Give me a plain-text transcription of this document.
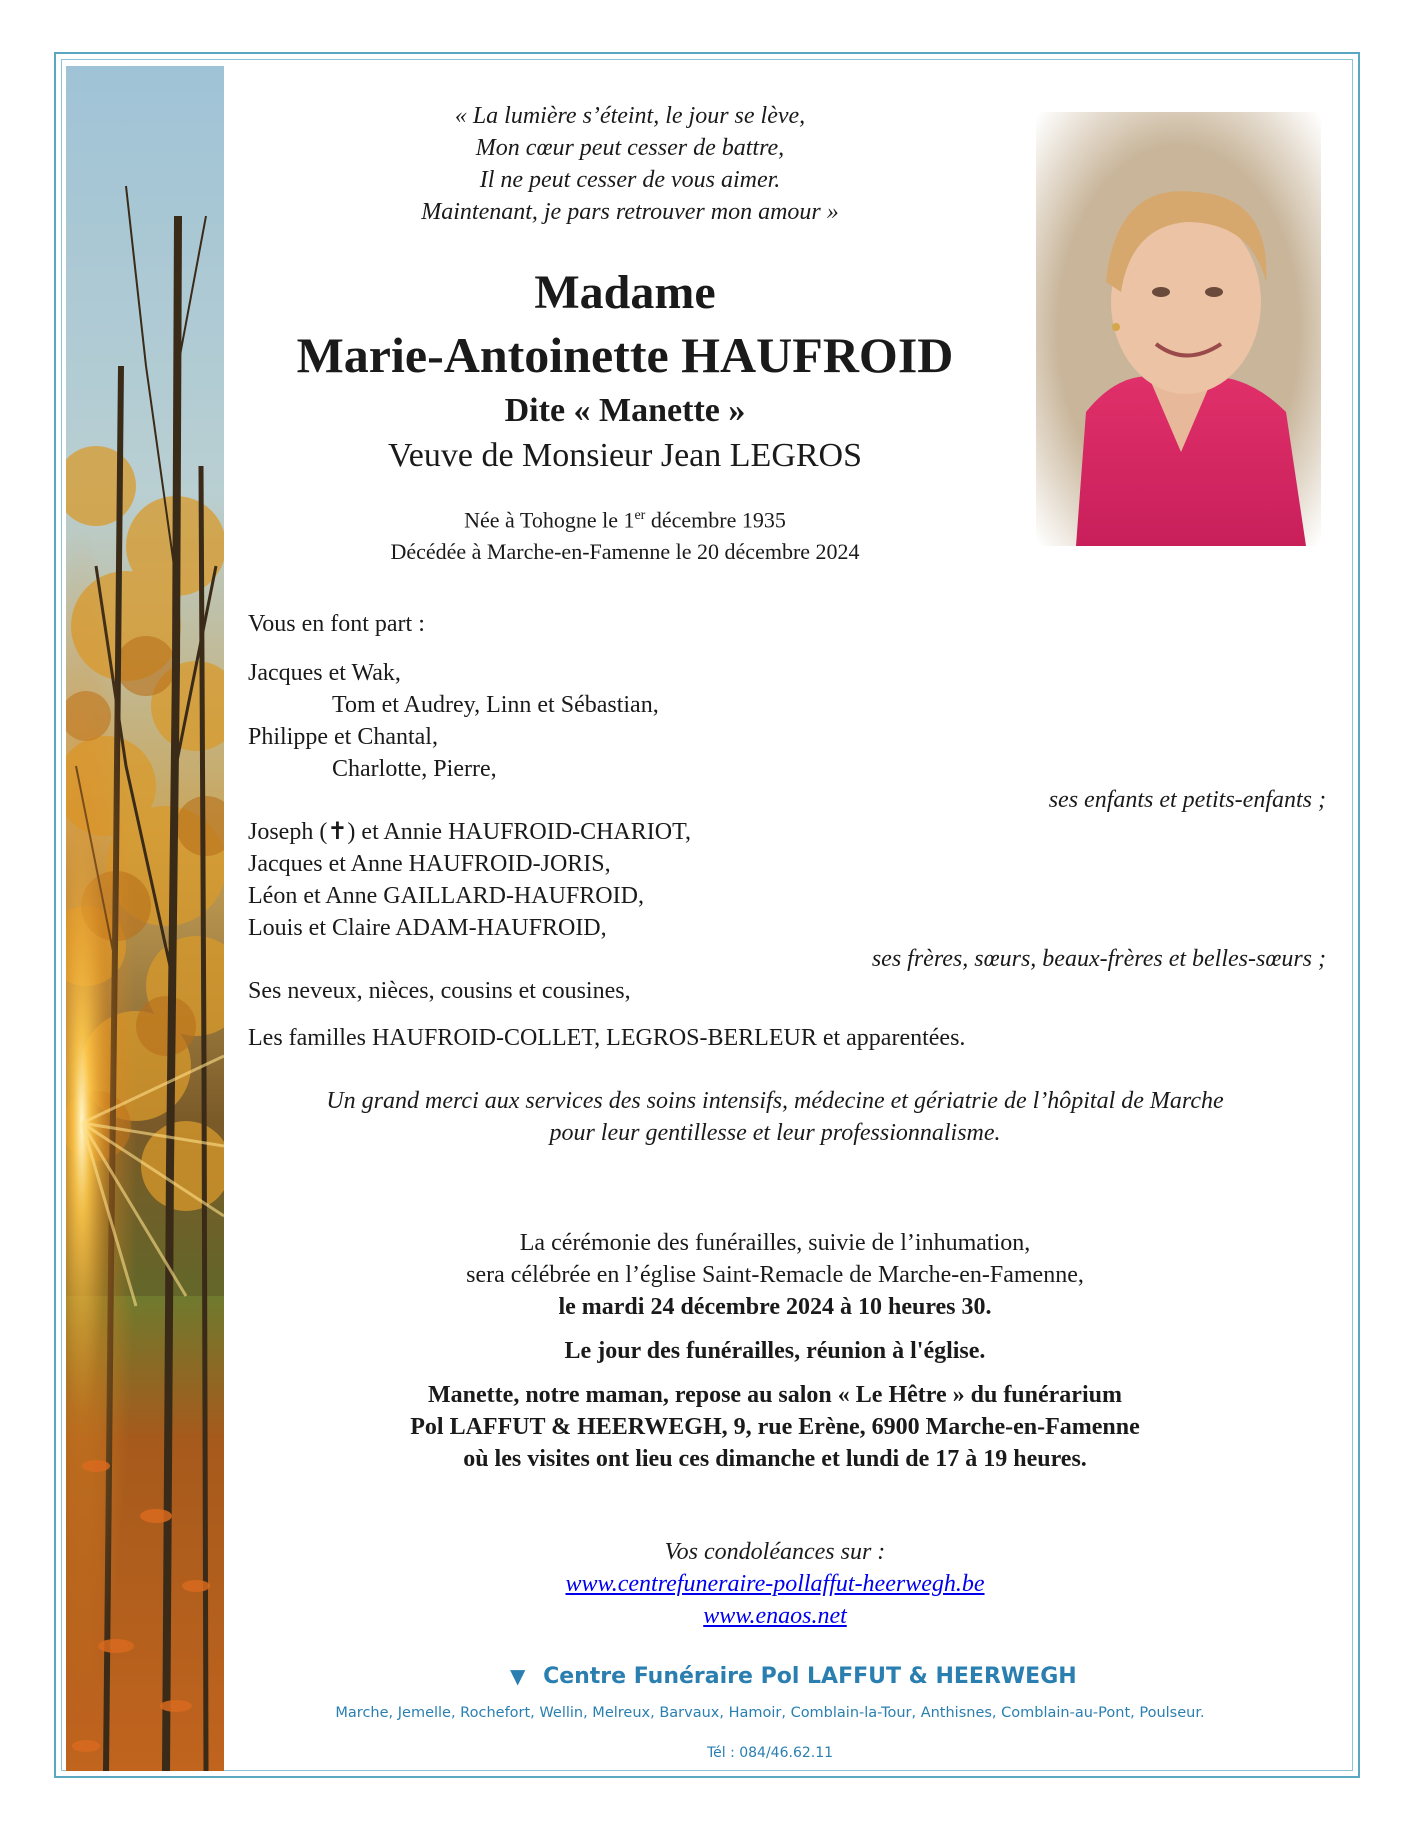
« La lumière s’éteint, le jour se lève,
Mon cœur peut cesser de battre,
Il ne peut cesser de vous aimer.
Maintenant, je pars retrouver mon amour »
Madame
Marie-Antoinette HAUFROID
Dite « Manette »
Veuve de Monsieur Jean LEGROS
Née à Tohogne le 1er décembre 1935
Décédée à Marche-en-Famenne le 20 décembre 2024
Vous en font part :
Jacques et Wak,
Tom et Audrey, Linn et Sébastian,
Philippe et Chantal,
Charlotte, Pierre,
ses enfants et petits-enfants ;
Joseph (✝) et Annie HAUFROID-CHARIOT,
Jacques et Anne HAUFROID-JORIS,
Léon et Anne GAILLARD-HAUFROID,
Louis et Claire ADAM-HAUFROID,
ses frères, sœurs, beaux-frères et belles-sœurs ;
Ses neveux, nièces, cousins et cousines,
Les familles HAUFROID-COLLET, LEGROS-BERLEUR et apparentées.
Un grand merci aux services des soins intensifs, médecine et gériatrie de l’hôpital de Marche
pour leur gentillesse et leur professionnalisme.
La cérémonie des funérailles, suivie de l’inhumation,
sera célébrée en l’église Saint-Remacle de Marche-en-Famenne,
le mardi 24 décembre 2024 à 10 heures 30.
Le jour des funérailles, réunion à l'église.
Manette, notre maman, repose au salon « Le Hêtre » du funérarium
Pol LAFFUT & HEERWEGH, 9, rue Erène, 6900 Marche-en-Famenne
où les visites ont lieu ces dimanche et lundi de 17 à 19 heures.
Vos condoléances sur :
www.centrefuneraire-pollaffut-heerwegh.be
www.enaos.net
▼ Centre Funéraire Pol LAFFUT & HEERWEGH
Marche, Jemelle, Rochefort, Wellin, Melreux, Barvaux, Hamoir, Comblain-la-Tour, Anthisnes, Comblain-au-Pont, Poulseur.
Tél : 084/46.62.11
